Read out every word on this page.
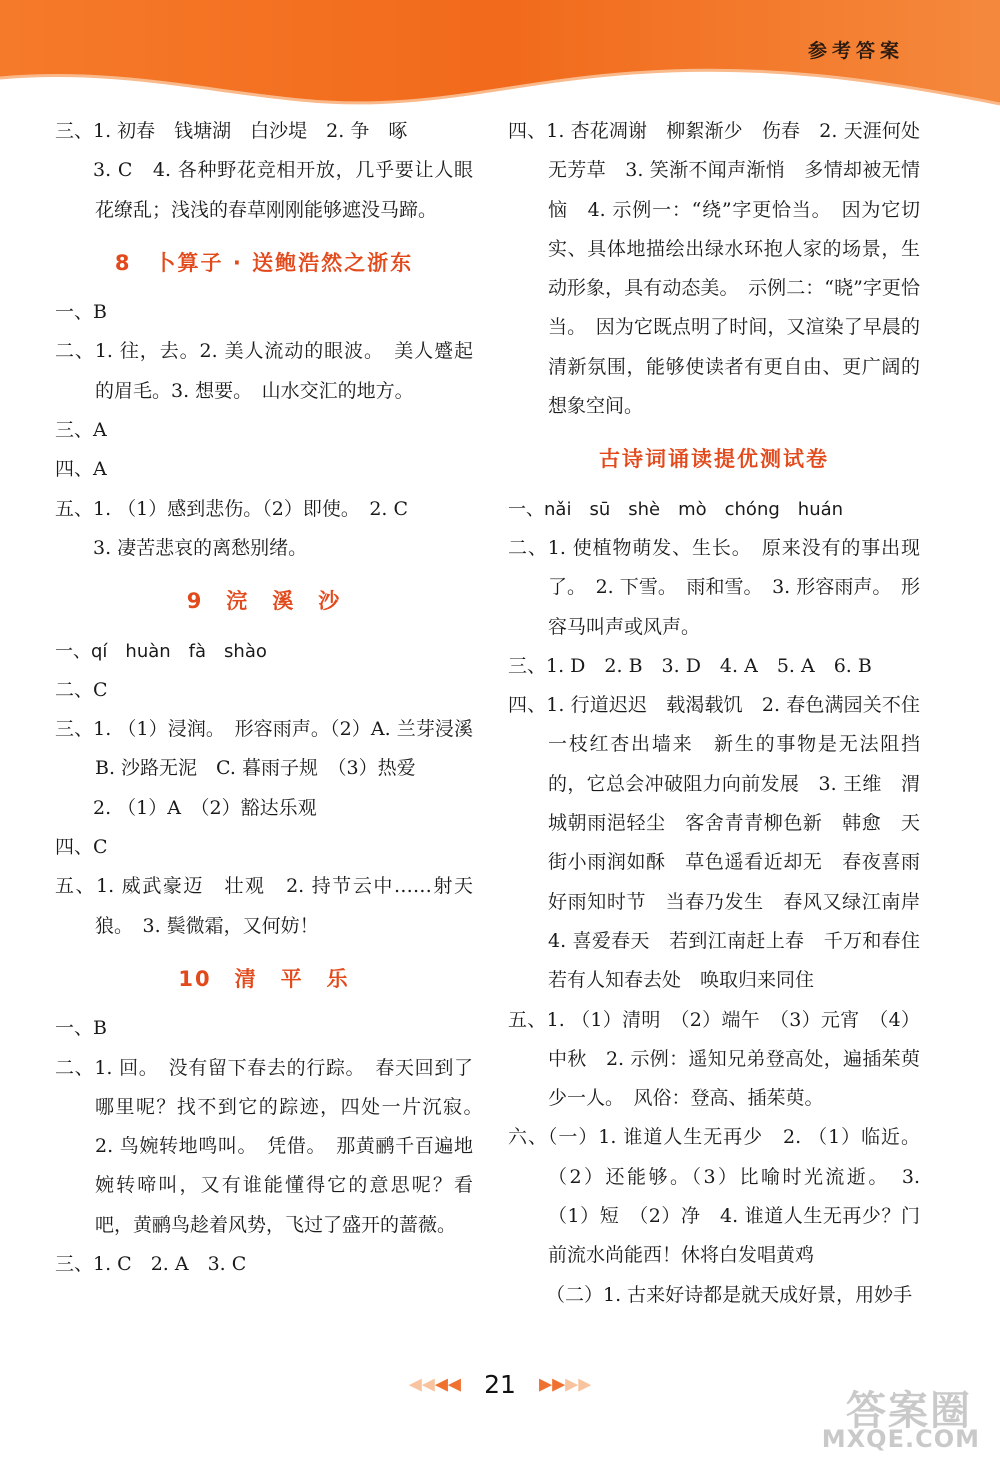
参考答案
三、1. 初春　钱塘湖　白沙堤　2. 争　啄
3. C　4. 各种野花竞相开放，几乎要让人眼花缭乱；浅浅的春草刚刚能够遮没马蹄。
8　卜算子 · 送鲍浩然之浙东
一、B
二、1. 往，去。2. 美人流动的眼波。　美人蹙起的眉毛。3. 想要。　山水交汇的地方。
三、A
四、A
五、1. （1）感到悲伤。（2）即使。　2. C
3. 凄苦悲哀的离愁别绪。
9　浣　溪　沙
一、qí　huàn　fà　shào
二、C
三、1. （1）浸润。　形容雨声。（2）A. 兰芽浸溪　B. 沙路无泥　C. 暮雨子规　（3）热爱
2. （1）A　（2）豁达乐观
四、C
五、1. 威武豪迈　壮观　2. 持节云中……射天狼。　3. 鬓微霜，又何妨！
10　清　平　乐
一、B
二、1. 回。　没有留下春去的行踪。　春天回到了哪里呢？找不到它的踪迹，四处一片沉寂。　2. 鸟婉转地鸣叫。　凭借。　那黄鹂千百遍地婉转啼叫，又有谁能懂得它的意思呢？看吧，黄鹂鸟趁着风势，飞过了盛开的蔷薇。
三、1. C　2. A　3. C
四、1. 杏花凋谢　柳絮渐少　伤春　2. 天涯何处无芳草　3. 笑渐不闻声渐悄　多情却被无情恼　4. 示例一：“绕”字更恰当。　因为它切实、具体地描绘出绿水环抱人家的场景，生动形象，具有动态美。　示例二：“晓”字更恰当。　因为它既点明了时间，又渲染了早晨的清新氛围，能够使读者有更自由、更广阔的想象空间。
古诗词诵读提优测试卷
一、nǎi　sū　shè　mò　chóng　huán
二、1. 使植物萌发、生长。　原来没有的事出现了。　2. 下雪。　雨和雪。　3. 形容雨声。　形容马叫声或风声。
三、1. D　2. B　3. D　4. A　5. A　6. B
四、1. 行道迟迟　载渴载饥　2. 春色满园关不住　一枝红杏出墙来　新生的事物是无法阻挡的，它总会冲破阻力向前发展　3. 王维　渭城朝雨浥轻尘　客舍青青柳色新　韩愈　天街小雨润如酥　草色遥看近却无　春夜喜雨　好雨知时节　当春乃发生　春风又绿江南岸　4. 喜爱春天　若到江南赶上春　千万和春住　若有人知春去处　唤取归来同住
五、1. （1）清明　（2）端午　（3）元宵　（4）中秋　2. 示例：遥知兄弟登高处，遍插茱萸少一人。　风俗：登高、插茱萸。
六、（一）1. 谁道人生无再少　2. （1）临近。（2）还能够。（3）比喻时光流逝。　3. （1）短　（2）净　4. 谁道人生无再少？门前流水尚能西！休将白发唱黄鸡
（二）1. 古来好诗都是就天成好景，用妙手
◀◀◀◀ 21 ▶▶▶▶
答案圈
MXQE.COM
